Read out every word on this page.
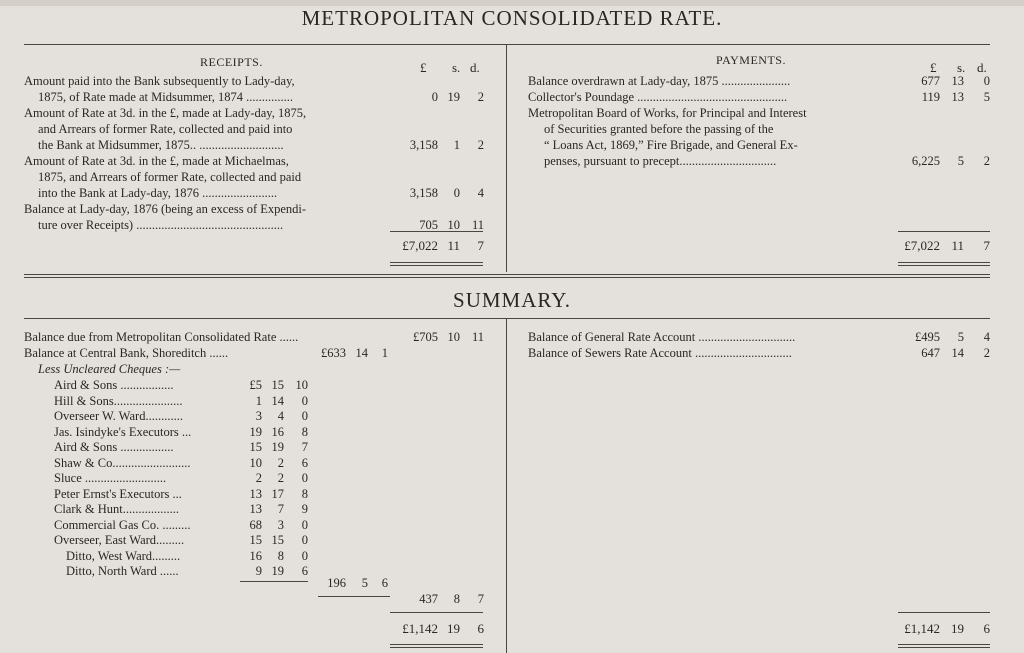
METROPOLITAN CONSOLIDATED RATE.
RECEIPTS.	£ s. d.
Amount paid into the Bank subsequently to Lady-day,
1875, of Rate made at Midsummer, 1874 ...............	0 19	2
Amount of Rate at 3d. in the £, made at Lady-day, 1875,
and Arrears of former Rate, collected and paid into
the Bank at Midsummer, 1875.. ...........................	3,158	1	2
Amount of Rate at 3d. in the £, made at Michaelmas,
1875, and Arrears of former Rate, collected and paid
into the Bank at Lady-day, 1876 ........................	3,158	0	4
Balance at Lady-day, 1876 (being an excess of Expendi-
ture over Receipts) ...............................................	705 10 11
£7,022 11	7
PAYMENTS.	£ s. d.
Balance overdrawn at Lady-day, 1875 ......................	677 13	0
Collector's Poundage ................................................	119 13	5
Metropolitan Board of Works, for Principal and Interest
of Securities granted before the passing of the
“ Loans Act, 1869,” Fire Brigade, and General Ex-
penses, pursuant to precept...............................	6,225	5	2
£7,022 11	7
SUMMARY.
Balance due from Metropolitan Consolidated Rate ......	£705 10 11
Balance at Central Bank, Shoreditch ......	£633 14	1
Less Uncleared Cheques :—
Aird & Sons .................	£5 15 10
Hill & Sons......................	1 14	0
Overseer W. Ward............	3	4	0
Jas. Isindyke's Executors ...	19 16	8
Aird & Sons .................	15 19	7
Shaw & Co.........................	10	2	6
Sluce ..........................	2	2	0
Peter Ernst's Executors ...	13 17	8
Clark & Hunt..................	13	7	9
Commercial Gas Co. .........	68	3	0
Overseer, East Ward.........	15 15	0
Ditto, West Ward.........	16	8	0
Ditto, North Ward ......	9 19	6
196	5	6
437	8	7
£1,142 19	6
Balance of General Rate Account ...............................	£495	5	4
Balance of Sewers Rate Account ...............................	647 14	2
£1,142 19	6
